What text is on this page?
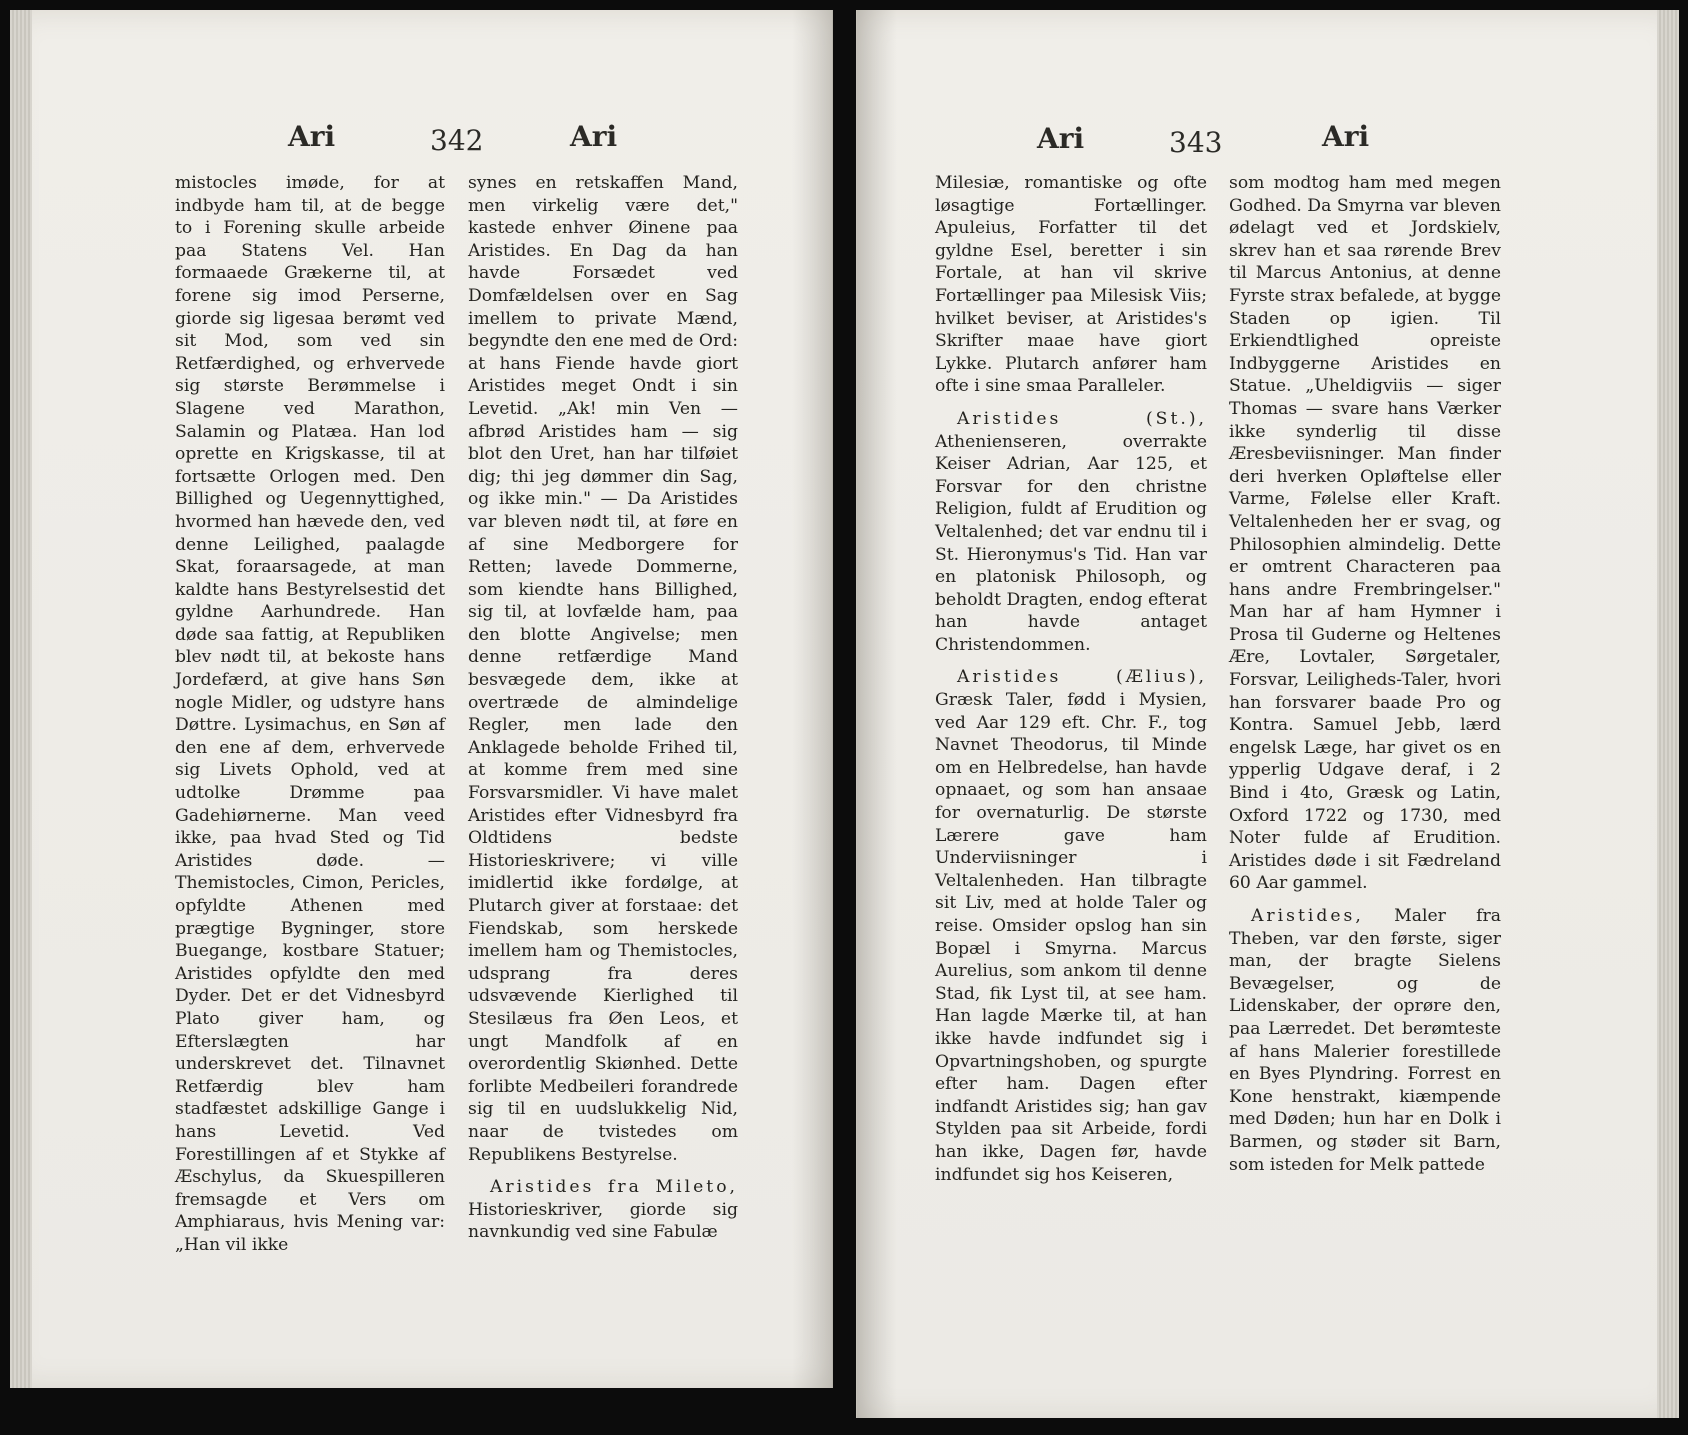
Ari	342	Ari

mistocles imøde, for at indbyde ham til, at de begge to i Forening skulle arbeide paa Statens Vel. Han formaaede Grækerne til, at forene sig imod Perserne, giorde sig ligesaa berømt ved sit Mod, som ved sin Retfærdighed, og erhvervede sig største Berømmelse i Slagene ved Marathon, Salamin og Platæa. Han lod oprette en Krigskasse, til at fortsætte Orlogen med. Den Billighed og Uegennyttighed, hvormed han hævede den, ved denne Leilighed, paalagde Skat, foraarsagede, at man kaldte hans Bestyrelsestid det gyldne Aarhundrede. Han døde saa fattig, at Republiken blev nødt til, at bekoste hans Jordefærd, at give hans Søn nogle Midler, og udstyre hans Døttre. Lysimachus, en Søn af den ene af dem, erhvervede sig Livets Ophold, ved at udtolke Drømme paa Gadehiørnerne. Man veed ikke, paa hvad Sted og Tid Aristides døde. — Themistocles, Cimon, Pericles, opfyldte Athenen med prægtige Bygninger, store Buegange, kostbare Statuer; Aristides opfyldte den med Dyder. Det er det Vidnesbyrd Plato giver ham, og Efterslægten har underskrevet det. Tilnavnet Retfærdig blev ham stadfæstet adskillige Gange i hans Levetid. Ved Forestillingen af et Stykke af Æschylus, da Skuespilleren fremsagde et Vers om Amphiaraus, hvis Mening var: „Han vil ikke

synes en retskaffen Mand, men virkelig være det," kastede enhver Øinene paa Aristides. En Dag da han havde Forsædet ved Domfældelsen over en Sag imellem to private Mænd, begyndte den ene med de Ord: at hans Fiende havde giort Aristides meget Ondt i sin Levetid. „Ak! min Ven — afbrød Aristides ham — sig blot den Uret, han har tilføiet dig; thi jeg dømmer din Sag, og ikke min." — Da Aristides var bleven nødt til, at føre en af sine Medborgere for Retten; lavede Dommerne, som kiendte hans Billighed, sig til, at lovfælde ham, paa den blotte Angivelse; men denne retfærdige Mand besvægede dem, ikke at overtræde de almindelige Regler, men lade den Anklagede beholde Frihed til, at komme frem med sine Forsvarsmidler. Vi have malet Aristides efter Vidnesbyrd fra Oldtidens bedste Historieskrivere; vi ville imidlertid ikke fordølge, at Plutarch giver at forstaae: det Fiendskab, som herskede imellem ham og Themistocles, udsprang fra deres udsvævende Kierlighed til Stesilæus fra Øen Leos, et ungt Mandfolk af en overordentlig Skiønhed. Dette forlibte Medbeileri forandrede sig til en uudslukkelig Nid, naar de tvistedes om Republikens Bestyrelse.

Aristides fra Mileto, Historieskriver, giorde sig navnkundig ved sine Fabulæ

Ari	343	Ari

Milesiæ, romantiske og ofte løsagtige Fortællinger. Apuleius, Forfatter til det gyldne Esel, beretter i sin Fortale, at han vil skrive Fortællinger paa Milesisk Viis; hvilket beviser, at Aristides's Skrifter maae have giort Lykke. Plutarch anfører ham ofte i sine smaa Paralleler.

Aristides (St.), Athenienseren, overrakte Keiser Adrian, Aar 125, et Forsvar for den christne Religion, fuldt af Erudition og Veltalenhed; det var endnu til i St. Hieronymus's Tid. Han var en platonisk Philosoph, og beholdt Dragten, endog efterat han havde antaget Christendommen.

Aristides (Ælius), Græsk Taler, fødd i Mysien, ved Aar 129 eft. Chr. F., tog Navnet Theodorus, til Minde om en Helbredelse, han havde opnaaet, og som han ansaae for overnaturlig. De største Lærere gave ham Underviisninger i Veltalenheden. Han tilbragte sit Liv, med at holde Taler og reise. Omsider opslog han sin Bopæl i Smyrna. Marcus Aurelius, som ankom til denne Stad, fik Lyst til, at see ham. Han lagde Mærke til, at han ikke havde indfundet sig i Opvartningshoben, og spurgte efter ham. Dagen efter indfandt Aristides sig; han gav Stylden paa sit Arbeide, fordi han ikke, Dagen før, havde indfundet sig hos Keiseren,

som modtog ham med megen Godhed. Da Smyrna var bleven ødelagt ved et Jordskielv, skrev han et saa rørende Brev til Marcus Antonius, at denne Fyrste strax befalede, at bygge Staden op igien. Til Erkiendtlighed opreiste Indbyggerne Aristides en Statue. „Uheldigviis — siger Thomas — svare hans Værker ikke synderlig til disse Æresbeviisninger. Man finder deri hverken Opløftelse eller Varme, Følelse eller Kraft. Veltalenheden her er svag, og Philosophien almindelig. Dette er omtrent Characteren paa hans andre Frembringelser." Man har af ham Hymner i Prosa til Guderne og Heltenes Ære, Lovtaler, Sørgetaler, Forsvar, Leiligheds-Taler, hvori han forsvarer baade Pro og Kontra. Samuel Jebb, lærd engelsk Læge, har givet os en ypperlig Udgave deraf, i 2 Bind i 4to, Græsk og Latin, Oxford 1722 og 1730, med Noter fulde af Erudition. Aristides døde i sit Fædreland 60 Aar gammel.

Aristides, Maler fra Theben, var den første, siger man, der bragte Sielens Bevægelser, og de Lidenskaber, der oprøre den, paa Lærredet. Det berømteste af hans Malerier forestillede en Byes Plyndring. Forrest en Kone henstrakt, kiæmpende med Døden; hun har en Dolk i Barmen, og støder sit Barn, som isteden for Melk pattede
